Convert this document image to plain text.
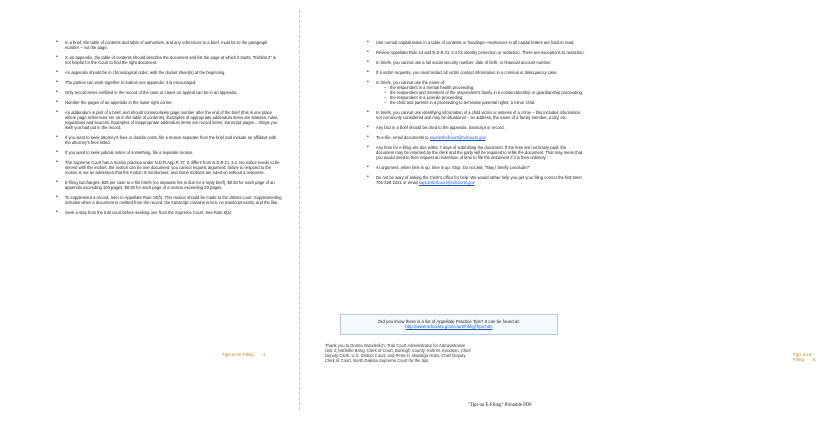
• In a brief, the table of contents and table of authorities, and any references to a brief, must be to the paragraph number – not the page.
• In an appendix, the table of contents should describe the document and list the page at which it starts. "Exhibit 2" is not helpful for the Court to find the right document.
• An appendix should be in chronological order, with the docket sheet(s) at the beginning.
• The parties can work together to submit one appendix; it is encouraged.
• Only record items certified in the record of the case or cases on appeal can be in an appendix.
• Number the pages of an appendix in the lower right corner.
• An addendum is part of a brief, and should consecutively page number after the end of the brief (this is one place where page references are ok in the table of contents). Examples of appropriate addendum items are statutes, rules, regulations and sources. Examples of inappropriate addendum items are record items, transcript pages... things you wish you had put in the record.
• If you want to seek attorney's fees or double costs, file a motion separate from the brief and include an affidavit with the attorney's fees listed.
• If you want to seek judicial notice of something, file a separate motion.
• The Supreme Court has a motion practice under N.D.R.App.P. 27. It differs from N.D.R.Ct. 3.2. No notice needs to be served with the motion; the motion can be one document; you cannot request argument; failure to respond to the motion is not an admission that the motion is meritorious; and some motions are ruled on without a response.
• E-filing surcharges: $25 per case to e-file briefs (no separate fee is due for a reply brief), $0.50 for each page of an appendix exceeding 100 pages; $0.50 for each page of a motion exceeding 20 pages.
• To supplement a record, refer to Appellate Rule 10(h). This motion should be made to the district court. Supplementing includes when a document is omitted from the record, the transcript contains errors, no transcript exists, and the like.
• Seek a stay from the trial court before seeking one from the Supreme Court. See Rule 8(a).
Tips on E-Filing 4
• Use normal capitalization in a table of contents or headings—sentences in all capital letters are hard to read.
• Review Appellate Rule 14 and N.D.R.Ct. 3.4 for identity protection or redaction. There are exceptions to redaction.
• In briefs, you cannot use a full social security number, date of birth, or financial account number.
• If a victim requests, you must redact all victim contact information in a criminal or delinquency case.
• In briefs, you cannot use the name of:
– the respondent in a mental health proceeding;
– the respondent and members of the respondent's family in a conservatorship or guardianship proceeding;
– the respondent in a juvenile proceeding;
– the child and parents in a proceeding to terminate parental rights; a minor child.
• In briefs, you cannot use identifying information of a child victim or witness of a crime – this includes information not commonly considered and may be situational – an address, the name of a family member, a city, etc.
• Any fact in a brief should be cited to the appendix, transcript or record.
• To e-file, email documents to supclerkofcourt@ndcourts.gov.
• Any fees for e-filing are due within 7 days of submitting the document. If the fees are not timely paid, the document may be returned by the clerk and the party will be required to refile the document. That may mean that you would need to then request an extension of time to file the document if it is then untimely.
• At argument, when time is up, time is up. Stop. Do not ask, "May I briefly conclude?"
• Do not be wary of asking the Clerk's office for help. We would rather help you get your filing correct the first time! 701-328-2221 or email supclerkofcourt@ndcourts.gov
Tips on E-Filing 5
Did you know there is a list of Appellate Practice Tips? It can be found at:
http://www.ndcourts.gov/court/Filing/Tips.htm
Thank you to Donna Wunderlich, Trial Court Administrator for Administrative Unit 3; Michelle Bring, Clerk of Court, Burleigh County; Kelli M. Knudson, Chief Deputy Clerk, U.S. District Court; and Petra H. Mandigo Hulm, Chief Deputy Clerk of Court, North Dakota Supreme Court for the tips.
"Tips on E-Filing" Printable PDF
